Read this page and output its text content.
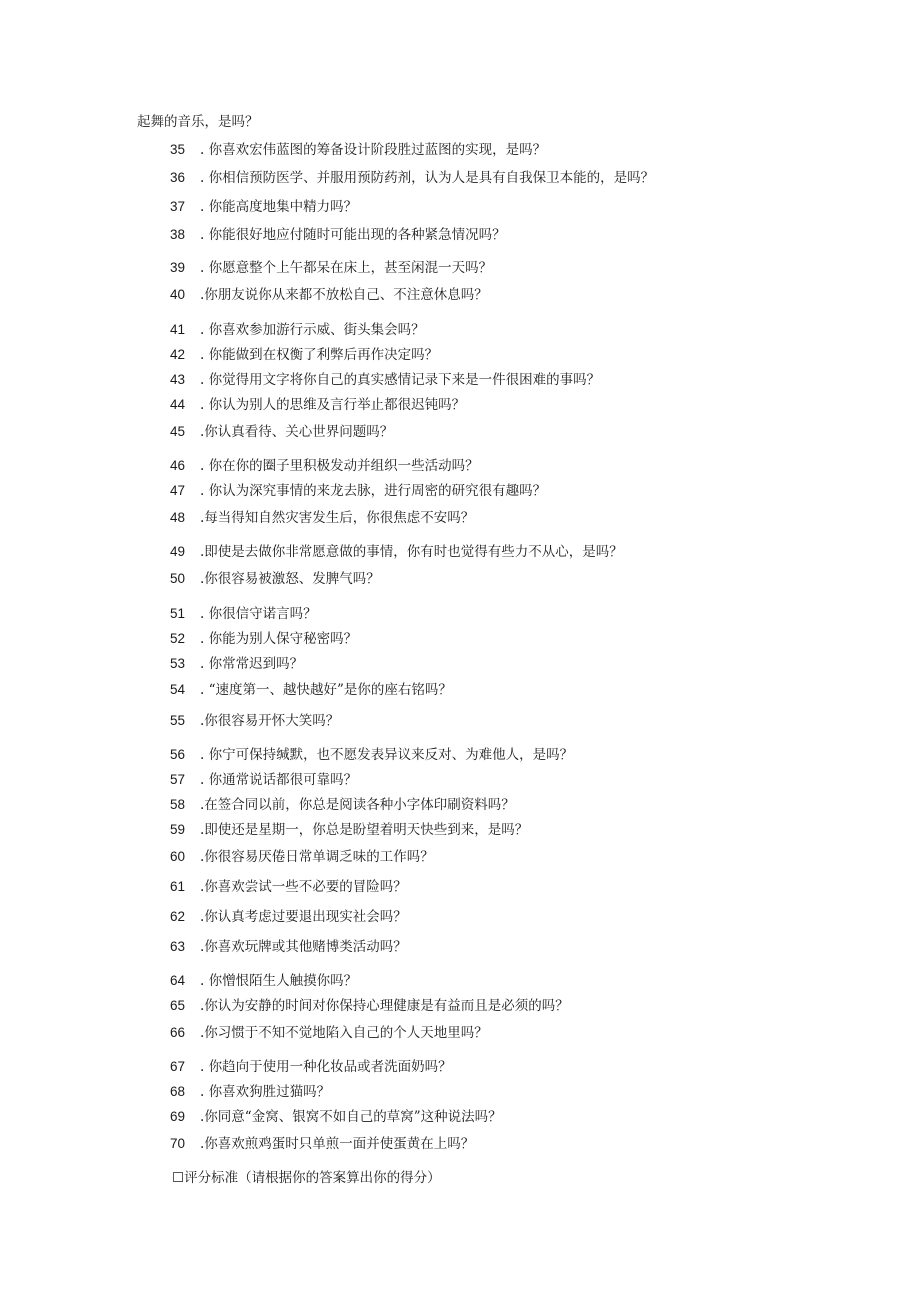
起舞的音乐，是吗？
35 . 你喜欢宏伟蓝图的筹备设计阶段胜过蓝图的实现，是吗？
36 . 你相信预防医学、并服用预防药剂，认为人是具有自我保卫本能的，是吗？
37 . 你能高度地集中精力吗？
38 . 你能很好地应付随时可能出现的各种紧急情况吗？
39 . 你愿意整个上午都呆在床上，甚至闲混一天吗？
40 .你朋友说你从来都不放松自己、不注意休息吗？
41 . 你喜欢参加游行示威、街头集会吗？
42 . 你能做到在权衡了利弊后再作决定吗？
43 . 你觉得用文字将你自己的真实感情记录下来是一件很困难的事吗？
44 . 你认为别人的思维及言行举止都很迟钝吗？
45 .你认真看待、关心世界问题吗？
46 . 你在你的圈子里积极发动并组织一些活动吗？
47 . 你认为深究事情的来龙去脉，进行周密的研究很有趣吗？
48 .每当得知自然灾害发生后，你很焦虑不安吗？
49 .即使是去做你非常愿意做的事情，你有时也觉得有些力不从心，是吗？
50 .你很容易被激怒、发脾气吗？
51 . 你很信守诺言吗？
52 . 你能为别人保守秘密吗？
53 . 你常常迟到吗？
54 . “速度第一、越快越好”是你的座右铭吗？
55 .你很容易开怀大笑吗？
56 . 你宁可保持缄默，也不愿发表异议来反对、为难他人，是吗？
57 . 你通常说话都很可靠吗？
58 .在签合同以前，你总是阅读各种小字体印刷资料吗？
59 .即使还是星期一，你总是盼望着明天快些到来，是吗？
60 .你很容易厌倦日常单调乏味的工作吗？
61 .你喜欢尝试一些不必要的冒险吗？
62 .你认真考虑过要退出现实社会吗？
63 .你喜欢玩牌或其他赌博类活动吗？
64 . 你憎恨陌生人触摸你吗？
65 .你认为安静的时间对你保持心理健康是有益而且是必须的吗？
66 .你习惯于不知不觉地陷入自己的个人天地里吗？
67 . 你趋向于使用一种化妆品或者洗面奶吗？
68 . 你喜欢狗胜过猫吗？
69 .你同意“金窝、银窝不如自己的草窝”这种说法吗？
70 .你喜欢煎鸡蛋时只单煎一面并使蛋黄在上吗？
☐评分标准（请根据你的答案算出你的得分）
